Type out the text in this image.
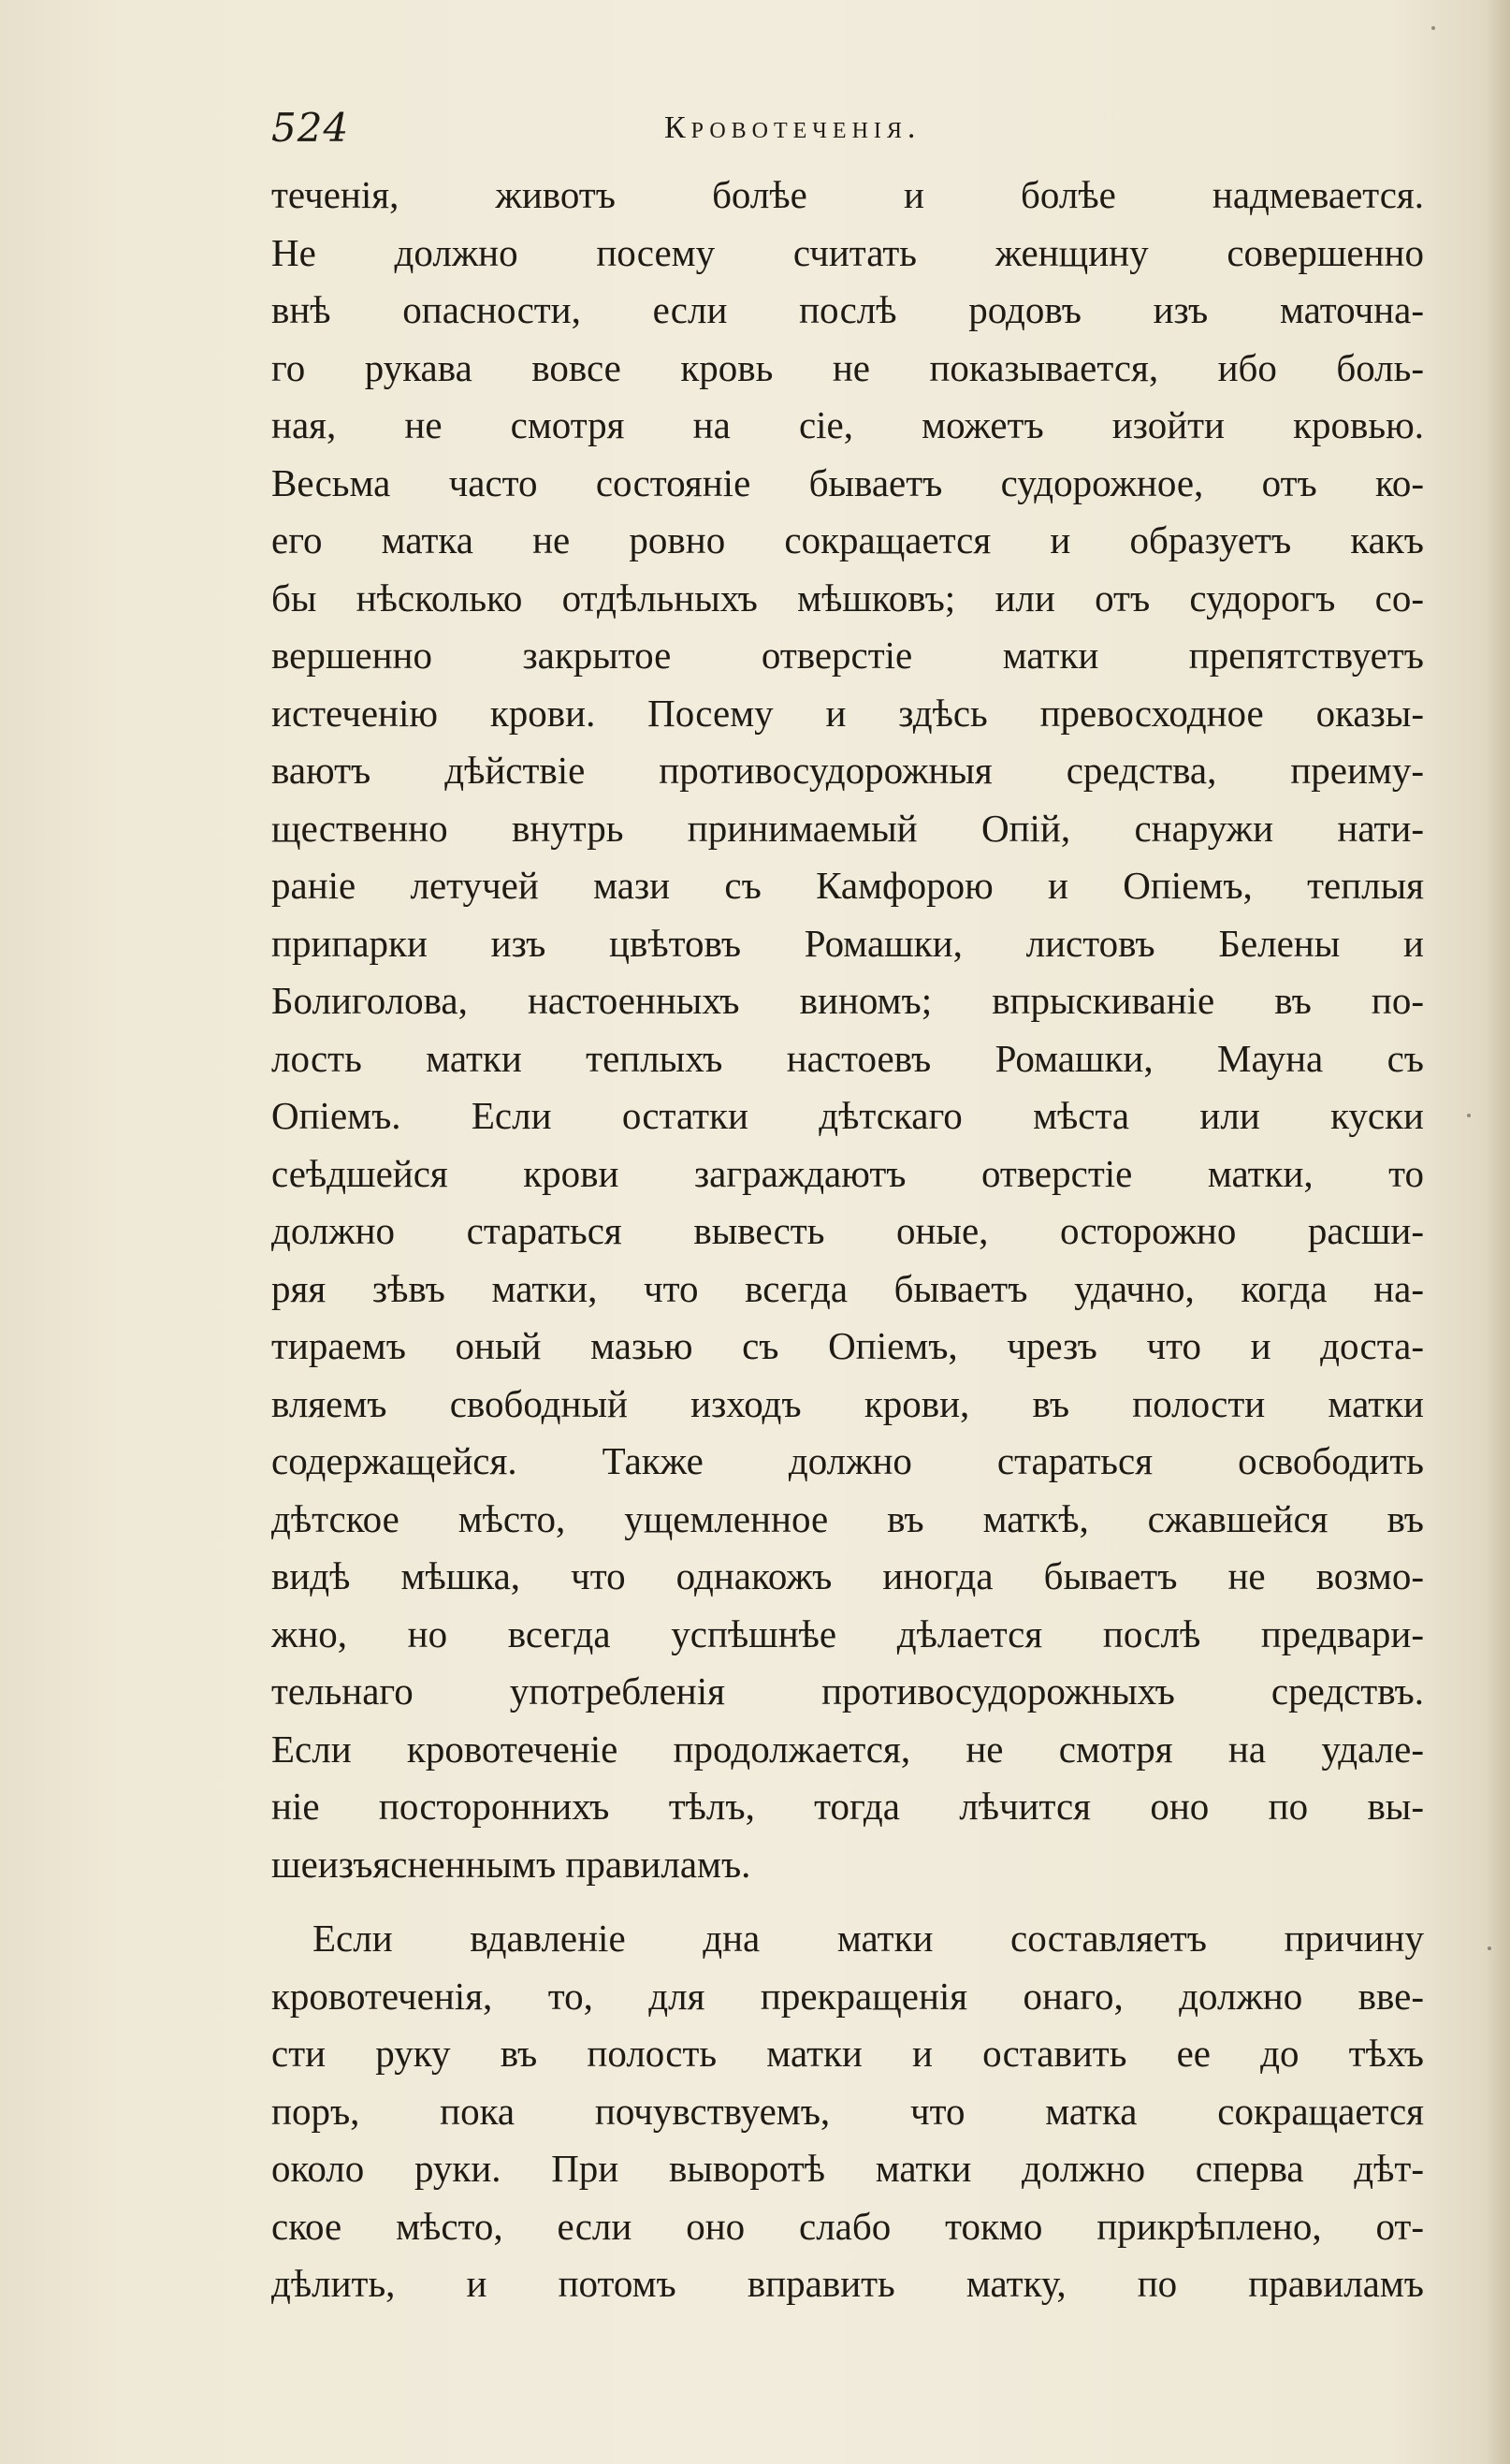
524	Кровотеченія.
теченія, животъ болѣе и болѣе надмевается.
Не должно посему считать женщину совершенно
внѣ опасности, если послѣ родовъ изъ маточна-
го рукава вовсе кровь не показывается, ибо боль-
ная, не смотря на сіе, можетъ изойти кровью.
Весьма часто состояніе бываетъ судорожное, отъ ко-
его матка не ровно сокращается и образуетъ какъ
бы нѣсколько отдѣльныхъ мѣшковъ; или отъ судорогъ со-
вершенно закрытое отверстіе матки препятствуетъ
истеченію крови. Посему и здѣсь превосходное оказы-
ваютъ дѣйствіе противосудорожныя средства, преиму-
щественно внутрь принимаемый Опій, снаружи нати-
раніе летучей мази съ Камфорою и Опіемъ, теплыя
припарки изъ цвѣтовъ Ромашки, листовъ Белены и
Болиголова, настоенныхъ виномъ; впрыскиваніе въ по-
лость матки теплыхъ настоевъ Ромашки, Мауна съ
Опіемъ. Если остатки дѣтскаго мѣста или куски
сеѣдшейся крови заграждаютъ отверстіе матки, то
должно стараться вывесть оные, осторожно расши-
ряя зѣвъ матки, что всегда бываетъ удачно, когда на-
тираемъ оный мазью съ Опіемъ, чрезъ что и доста-
вляемъ свободный изходъ крови, въ полости матки
содержащейся. Также должно стараться освободить
дѣтское мѣсто, ущемленное въ маткѣ, сжавшейся въ
видѣ мѣшка, что однакожъ иногда бываетъ не возмо-
жно, но всегда успѣшнѣе дѣлается послѣ предвари-
тельнаго употребленія противосудорожныхъ средствъ.
Если кровотеченіе продолжается, не смотря на удале-
ніе постороннихъ тѣлъ, тогда лѣчится оно по вы-
шеизъясненнымъ правиламъ.
Если вдавленіе дна матки составляетъ причину
кровотеченія, то, для прекращенія онаго, должно вве-
сти руку въ полость матки и оставить ее до тѣхъ
поръ, пока почувствуемъ, что матка сокращается
около руки. При выворотѣ матки должно сперва дѣт-
ское мѣсто, если оно слабо токмо прикрѣплено, от-
дѣлить, и потомъ вправить матку, по правиламъ
